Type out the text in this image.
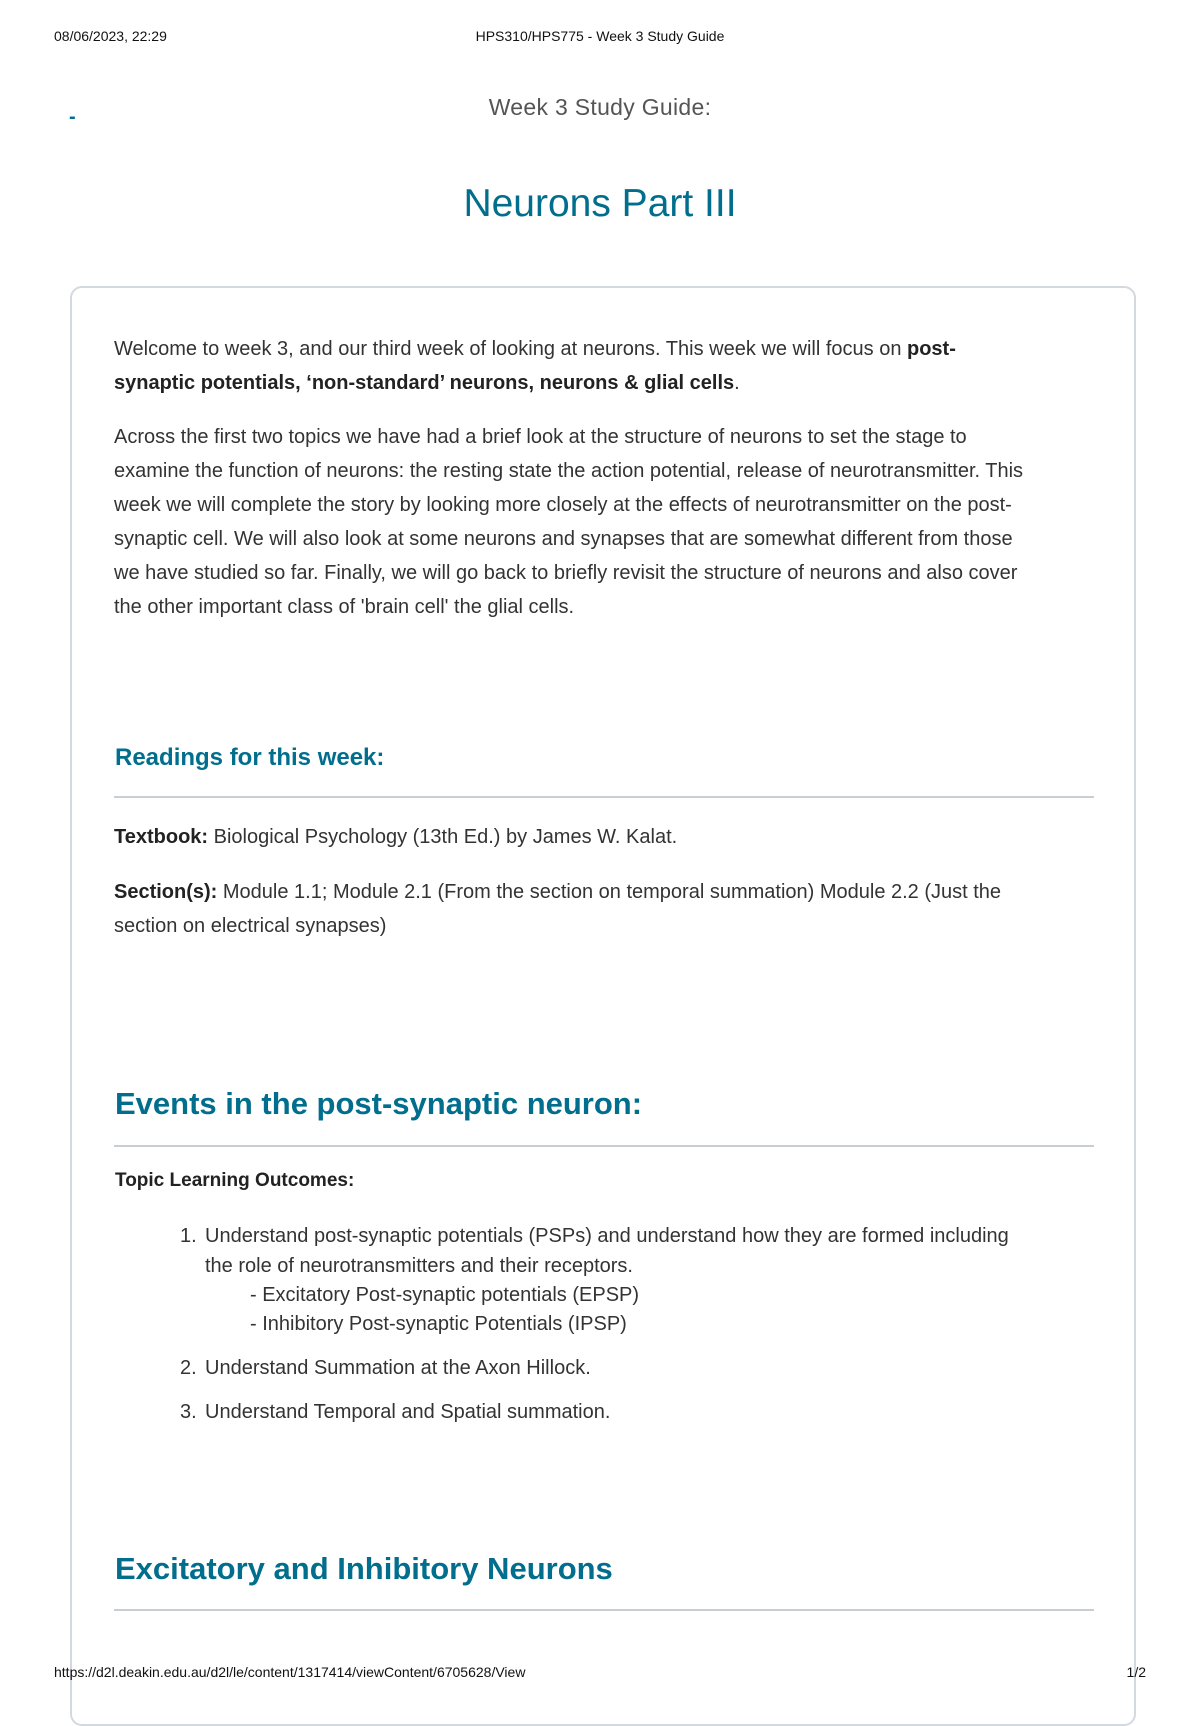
08/06/2023, 22:29	HPS310/HPS775 - Week 3 Study Guide
-	Week 3 Study Guide:
Neurons Part III
Welcome to week 3, and our third week of looking at neurons. This week we will focus on post-
synaptic potentials, ‘non-standard’ neurons, neurons & glial cells.
Across the first two topics we have had a brief look at the structure of neurons to set the stage to
examine the function of neurons: the resting state the action potential, release of neurotransmitter. This
week we will complete the story by looking more closely at the effects of neurotransmitter on the post-
synaptic cell. We will also look at some neurons and synapses that are somewhat different from those
we have studied so far. Finally, we will go back to briefly revisit the structure of neurons and also cover
the other important class of 'brain cell' the glial cells.
Readings for this week:
Textbook: Biological Psychology (13th Ed.) by James W. Kalat.
Section(s): Module 1.1; Module 2.1 (From the section on temporal summation) Module 2.2 (Just the
section on electrical synapses)
Events in the post-synaptic neuron:
Topic Learning Outcomes:
1. Understand post-synaptic potentials (PSPs) and understand how they are formed including
the role of neurotransmitters and their receptors.
- Excitatory Post-synaptic potentials (EPSP)
- Inhibitory Post-synaptic Potentials (IPSP)
2. Understand Summation at the Axon Hillock.
3. Understand Temporal and Spatial summation.
Excitatory and Inhibitory Neurons
https://d2l.deakin.edu.au/d2l/le/content/1317414/viewContent/6705628/View	1/2
